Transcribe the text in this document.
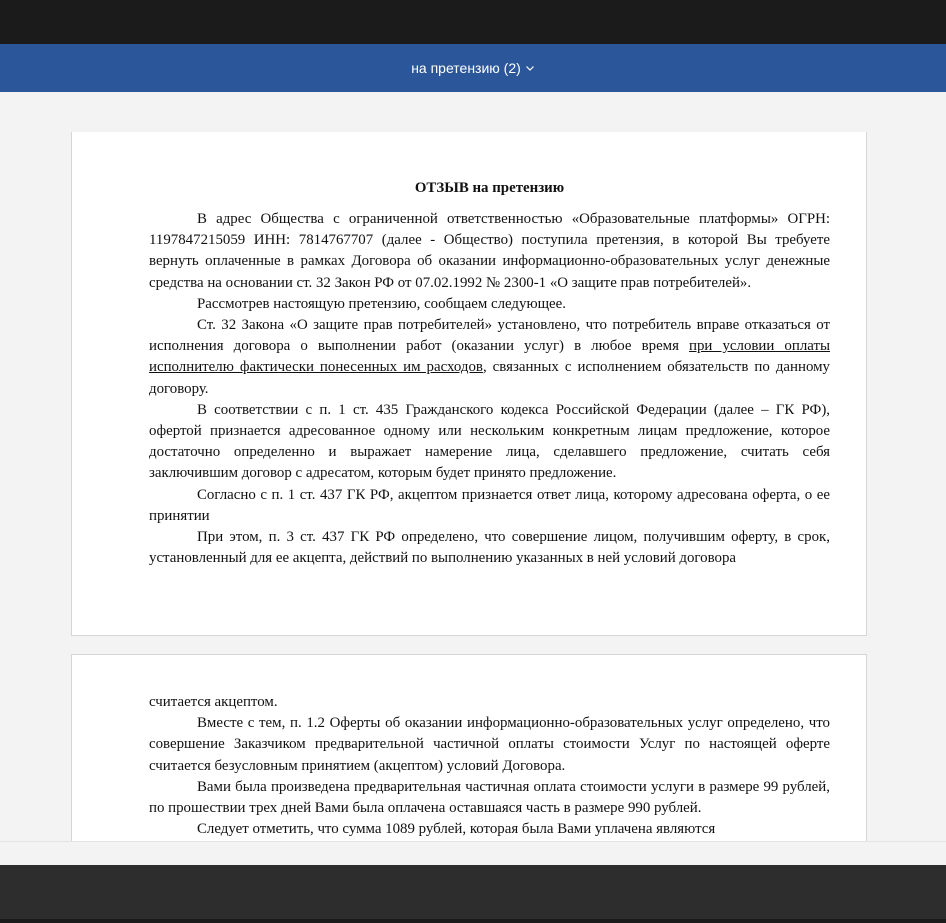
на претензию (2)

ОТЗЫВ на претензию

В адрес Общества с ограниченной ответственностью «Образовательные платформы» ОГРН: 1197847215059 ИНН: 7814767707 (далее - Общество) поступила претензия, в которой Вы требуете вернуть оплаченные в рамках Договора об оказании информационно-образовательных услуг денежные средства на основании ст. 32 Закон РФ от 07.02.1992 № 2300-1 «О защите прав потребителей».

Рассмотрев настоящую претензию, сообщаем следующее.

Ст. 32 Закона «О защите прав потребителей» установлено, что потребитель вправе отказаться от исполнения договора о выполнении работ (оказании услуг) в любое время при условии оплаты исполнителю фактически понесенных им расходов, связанных с исполнением обязательств по данному договору.

В соответствии с п. 1 ст. 435 Гражданского кодекса Российской Федерации (далее – ГК РФ), офертой признается адресованное одному или нескольким конкретным лицам предложение, которое достаточно определенно и выражает намерение лица, сделавшего предложение, считать себя заключившим договор с адресатом, которым будет принято предложение.

Согласно с п. 1 ст. 437 ГК РФ, акцептом признается ответ лица, которому адресована оферта, о ее принятии

При этом, п. 3 ст. 437 ГК РФ определено, что совершение лицом, получившим оферту, в срок, установленный для ее акцепта, действий по выполнению указанных в ней условий договора

считается акцептом.

Вместе с тем, п. 1.2 Оферты об оказании информационно-образовательных услуг определено, что совершение Заказчиком предварительной частичной оплаты стоимости Услуг по настоящей оферте считается безусловным принятием (акцептом) условий Договора.

Вами была произведена предварительная частичная оплата стоимости услуги в размере 99 рублей, по прошествии трех дней Вами была оплачена оставшаяся часть в размере 990 рублей.

Следует отметить, что сумма 1089 рублей, которая была Вами уплачена являются
